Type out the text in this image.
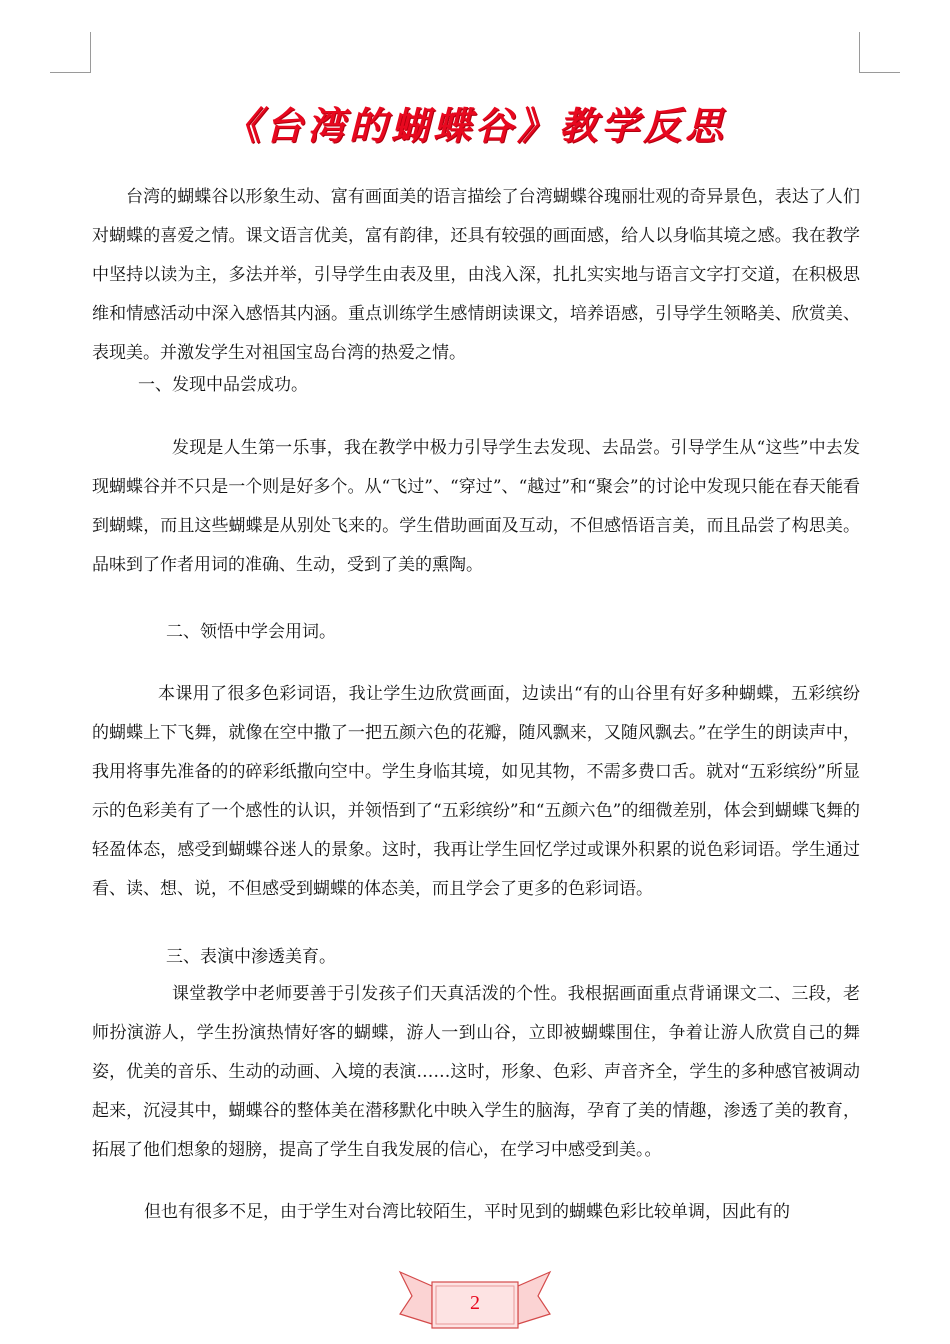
《台湾的蝴蝶谷》教学反思

台湾的蝴蝶谷以形象生动、富有画面美的语言描绘了台湾蝴蝶谷瑰丽壮观的奇异景色，表达了人们对蝴蝶的喜爱之情。课文语言优美，富有韵律，还具有较强的画面感，给人以身临其境之感。我在教学中坚持以读为主，多法并举，引导学生由表及里，由浅入深，扎扎实实地与语言文字打交道，在积极思维和情感活动中深入感悟其内涵。重点训练学生感情朗读课文，培养语感，引导学生领略美、欣赏美、表现美。并激发学生对祖国宝岛台湾的热爱之情。

一、发现中品尝成功。

发现是人生第一乐事，我在教学中极力引导学生去发现、去品尝。引导学生从“这些”中去发现蝴蝶谷并不只是一个则是好多个。从“飞过”、“穿过”、“越过”和“聚会”的讨论中发现只能在春天能看到蝴蝶，而且这些蝴蝶是从别处飞来的。学生借助画面及互动，不但感悟语言美，而且品尝了构思美。品味到了作者用词的准确、生动，受到了美的熏陶。

二、领悟中学会用词。

本课用了很多色彩词语，我让学生边欣赏画面，边读出“有的山谷里有好多种蝴蝶，五彩缤纷的蝴蝶上下飞舞，就像在空中撒了一把五颜六色的花瓣，随风飘来，又随风飘去。”在学生的朗读声中，我用将事先准备的的碎彩纸撒向空中。学生身临其境，如见其物，不需多费口舌。就对“五彩缤纷”所显示的色彩美有了一个感性的认识，并领悟到了“五彩缤纷”和“五颜六色”的细微差别，体会到蝴蝶飞舞的轻盈体态，感受到蝴蝶谷迷人的景象。这时，我再让学生回忆学过或课外积累的说色彩词语。学生通过看、读、想、说，不但感受到蝴蝶的体态美，而且学会了更多的色彩词语。

三、表演中渗透美育。

课堂教学中老师要善于引发孩子们天真活泼的个性。我根据画面重点背诵课文二、三段，老师扮演游人，学生扮演热情好客的蝴蝶，游人一到山谷，立即被蝴蝶围住，争着让游人欣赏自己的舞姿，优美的音乐、生动的动画、入境的表演……这时，形象、色彩、声音齐全，学生的多种感官被调动起来，沉浸其中，蝴蝶谷的整体美在潜移默化中映入学生的脑海，孕育了美的情趣，渗透了美的教育，拓展了他们想象的翅膀，提高了学生自我发展的信心，在学习中感受到美。。

但也有很多不足，由于学生对台湾比较陌生，平时见到的蝴蝶色彩比较单调，因此有的

2
